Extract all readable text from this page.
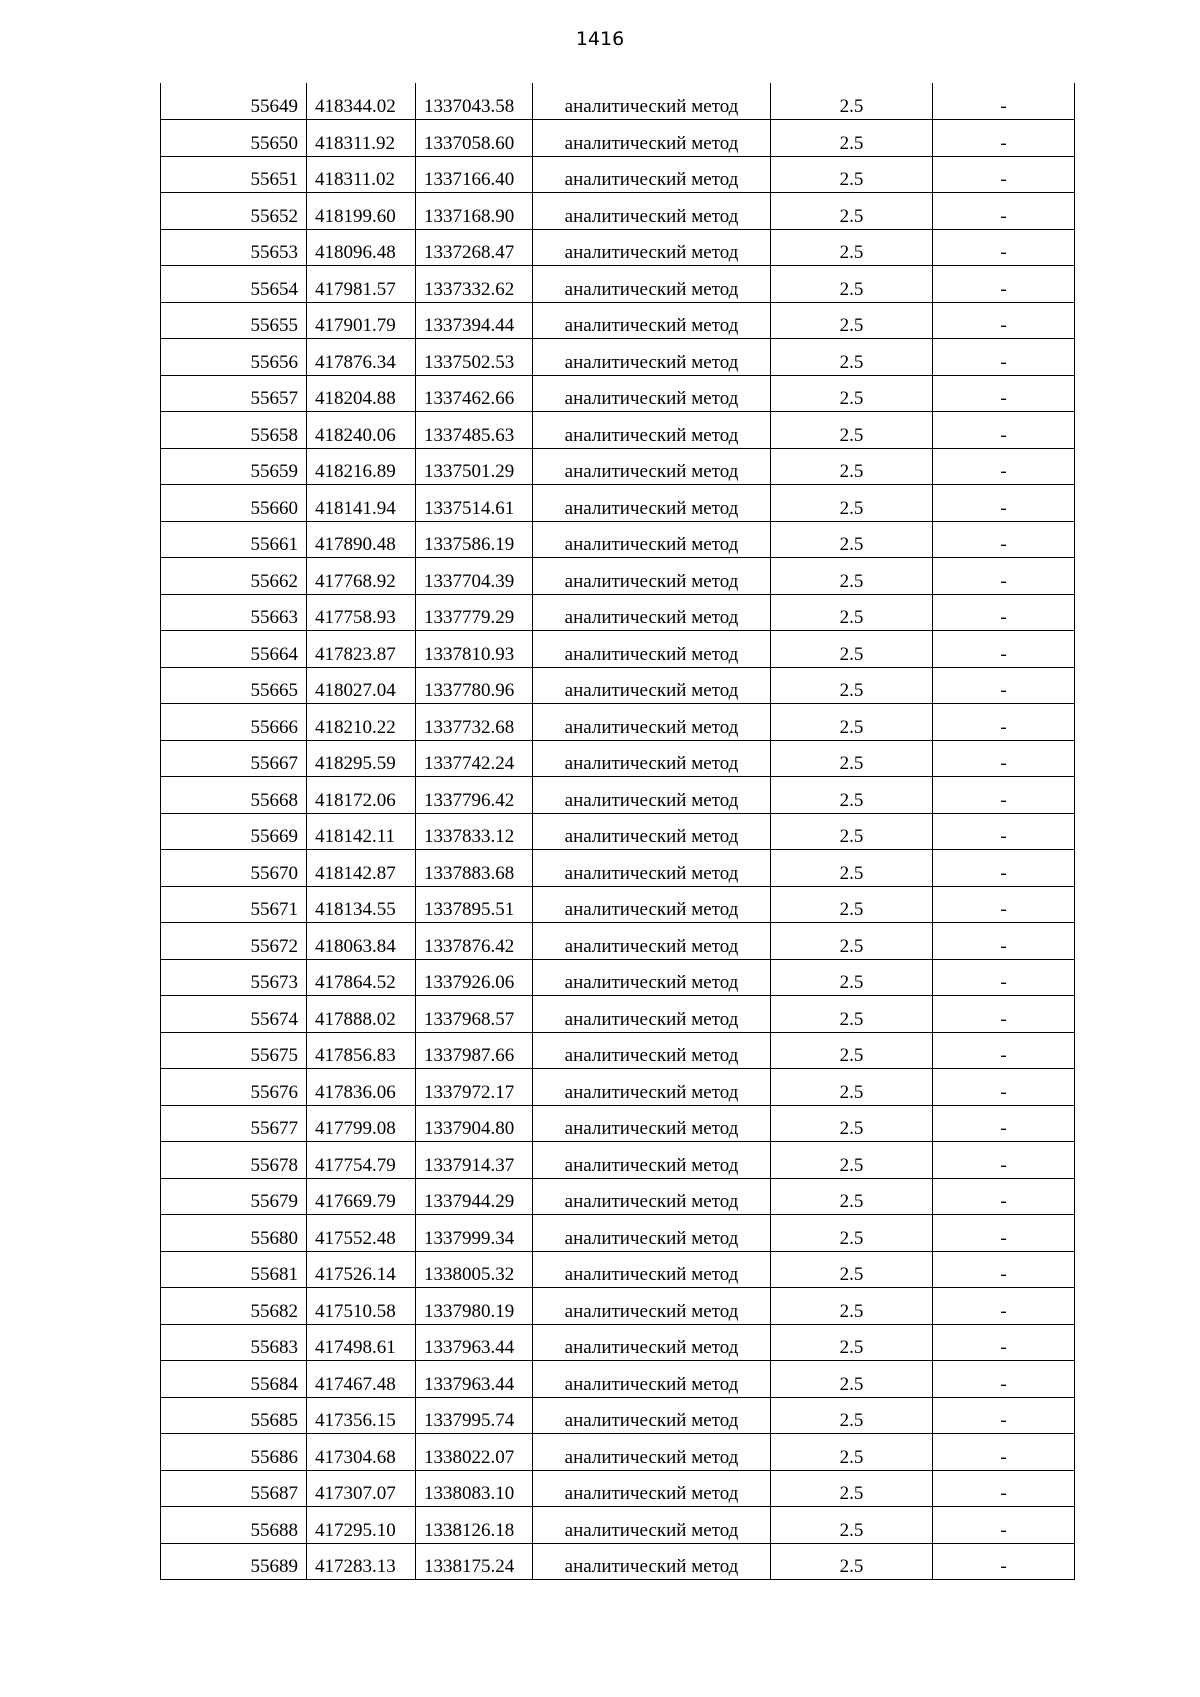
1416
55649	418344.02	1337043.58	аналитический метод	2.5	-
55650	418311.92	1337058.60	аналитический метод	2.5	-
55651	418311.02	1337166.40	аналитический метод	2.5	-
55652	418199.60	1337168.90	аналитический метод	2.5	-
55653	418096.48	1337268.47	аналитический метод	2.5	-
55654	417981.57	1337332.62	аналитический метод	2.5	-
55655	417901.79	1337394.44	аналитический метод	2.5	-
55656	417876.34	1337502.53	аналитический метод	2.5	-
55657	418204.88	1337462.66	аналитический метод	2.5	-
55658	418240.06	1337485.63	аналитический метод	2.5	-
55659	418216.89	1337501.29	аналитический метод	2.5	-
55660	418141.94	1337514.61	аналитический метод	2.5	-
55661	417890.48	1337586.19	аналитический метод	2.5	-
55662	417768.92	1337704.39	аналитический метод	2.5	-
55663	417758.93	1337779.29	аналитический метод	2.5	-
55664	417823.87	1337810.93	аналитический метод	2.5	-
55665	418027.04	1337780.96	аналитический метод	2.5	-
55666	418210.22	1337732.68	аналитический метод	2.5	-
55667	418295.59	1337742.24	аналитический метод	2.5	-
55668	418172.06	1337796.42	аналитический метод	2.5	-
55669	418142.11	1337833.12	аналитический метод	2.5	-
55670	418142.87	1337883.68	аналитический метод	2.5	-
55671	418134.55	1337895.51	аналитический метод	2.5	-
55672	418063.84	1337876.42	аналитический метод	2.5	-
55673	417864.52	1337926.06	аналитический метод	2.5	-
55674	417888.02	1337968.57	аналитический метод	2.5	-
55675	417856.83	1337987.66	аналитический метод	2.5	-
55676	417836.06	1337972.17	аналитический метод	2.5	-
55677	417799.08	1337904.80	аналитический метод	2.5	-
55678	417754.79	1337914.37	аналитический метод	2.5	-
55679	417669.79	1337944.29	аналитический метод	2.5	-
55680	417552.48	1337999.34	аналитический метод	2.5	-
55681	417526.14	1338005.32	аналитический метод	2.5	-
55682	417510.58	1337980.19	аналитический метод	2.5	-
55683	417498.61	1337963.44	аналитический метод	2.5	-
55684	417467.48	1337963.44	аналитический метод	2.5	-
55685	417356.15	1337995.74	аналитический метод	2.5	-
55686	417304.68	1338022.07	аналитический метод	2.5	-
55687	417307.07	1338083.10	аналитический метод	2.5	-
55688	417295.10	1338126.18	аналитический метод	2.5	-
55689	417283.13	1338175.24	аналитический метод	2.5	-
